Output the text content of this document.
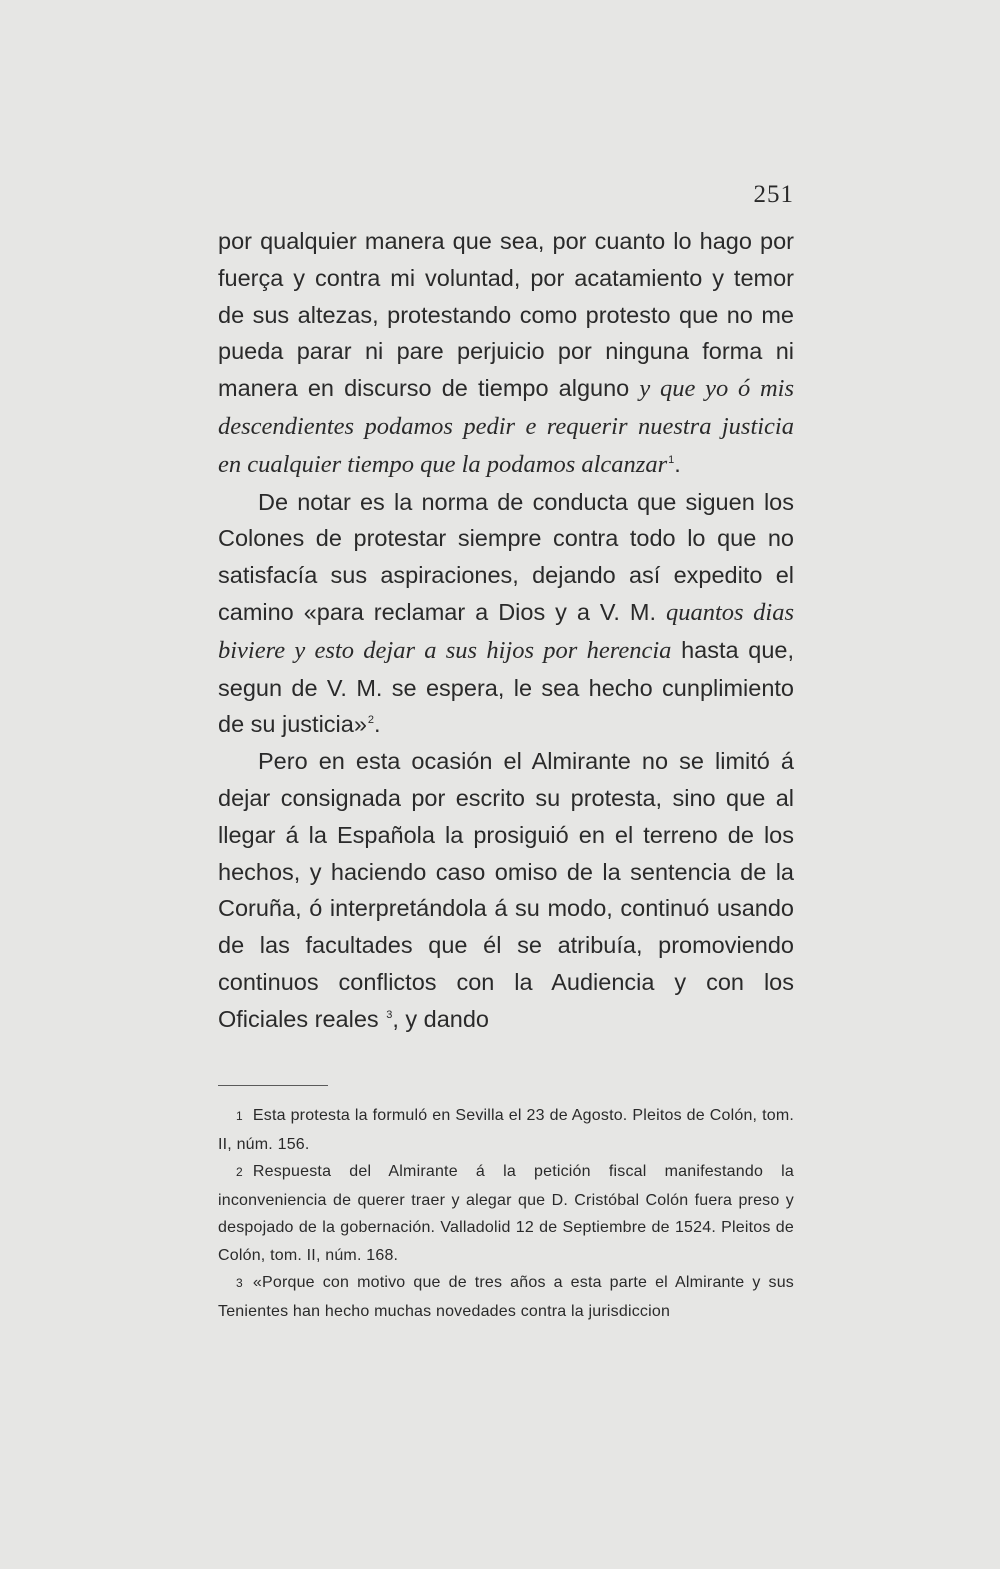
251

por qualquier manera que sea, por cuanto lo hago por fuerça y contra mi voluntad, por acatamiento y temor de sus altezas, protestando como protesto que no me pueda parar ni pare perjuicio por ninguna forma ni manera en discurso de tiempo alguno y que yo ó mis descendientes podamos pedir e requerir nuestra justicia en cualquier tiempo que la podamos alcanzar$^1$.

De notar es la norma de conducta que siguen los Colones de protestar siempre contra todo lo que no satisfacía sus aspiraciones, dejando así expedito el camino «para reclamar a Dios y a V. M. quantos dias biviere y esto dejar a sus hijos por herencia hasta que, segun de V. M. se espera, le sea hecho cunplimiento de su justicia»$^2$.

Pero en esta ocasión el Almirante no se limitó á dejar consignada por escrito su protesta, sino que al llegar á la Española la prosiguió en el terreno de los hechos, y haciendo caso omiso de la sentencia de la Coruña, ó interpretándola á su modo, continuó usando de las facultades que él se atribuía, promoviendo continuos conflictos con la Audiencia y con los Oficiales reales $^3$, y dando

1 Esta protesta la formuló en Sevilla el 23 de Agosto. Pleitos de Colón, tom. II, núm. 156.

2 Respuesta del Almirante á la petición fiscal manifestando la inconveniencia de querer traer y alegar que D. Cristóbal Colón fuera preso y despojado de la gobernación. Valladolid 12 de Septiembre de 1524. Pleitos de Colón, tom. II, núm. 168.

3 «Porque con motivo que de tres años a esta parte el Almirante y sus Tenientes han hecho muchas novedades contra la jurisdiccion
